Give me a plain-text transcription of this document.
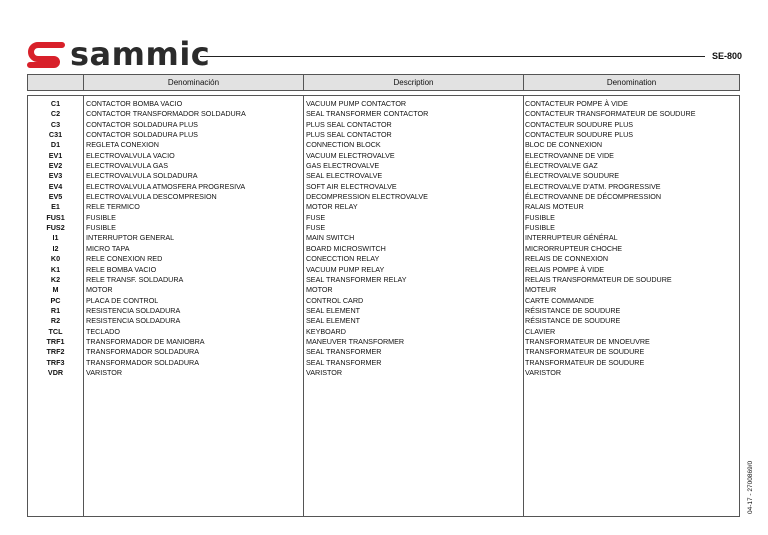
sammic	SE-800
Denominación	Description	Denomination
C1	CONTACTOR BOMBA VACIO	VACUUM PUMP CONTACTOR	CONTACTEUR POMPE À VIDE
C2	CONTACTOR TRANSFORMADOR SOLDADURA	SEAL TRANSFORMER CONTACTOR	CONTACTEUR TRANSFORMATEUR DE SOUDURE
C3	CONTACTOR SOLDADURA PLUS	PLUS SEAL CONTACTOR	CONTACTEUR SOUDURE PLUS
C31	CONTACTOR SOLDADURA PLUS	PLUS SEAL CONTACTOR	CONTACTEUR SOUDURE PLUS
D1	REGLETA CONEXION	CONNECTION BLOCK	BLOC DE CONNEXION
EV1	ELECTROVALVULA VACIO	VACUUM ELECTROVALVE	ELECTROVANNE DE VIDE
EV2	ELECTROVALVULA GAS	GAS ELECTROVALVE	ÉLECTROVALVE GAZ
EV3	ELECTROVALVULA SOLDADURA	SEAL ELECTROVALVE	ÉLECTROVALVE SOUDURE
EV4	ELECTROVALVULA ATMOSFERA PROGRESIVA	SOFT AIR ELECTROVALVE	ELECTROVALVE D'ATM. PROGRESSIVE
EV5	ELECTROVALVULA DESCOMPRESION	DECOMPRESSION ELECTROVALVE	ÉLECTROVANNE DE DÉCOMPRESSION
E1	RELE TERMICO	MOTOR RELAY	RALAIS MOTEUR
FUS1	FUSIBLE	FUSE	FUSIBLE
FUS2	FUSIBLE	FUSE	FUSIBLE
I1	INTERRUPTOR GENERAL	MAIN SWITCH	INTERRUPTEUR GÉNÉRAL
I2	MICRO TAPA	BOARD MICROSWITCH	MICRORRUPTEUR CHOCHE
K0	RELE CONEXION RED	CONECCTION RELAY	RELAIS DE CONNEXION
K1	RELE BOMBA VACIO	VACUUM PUMP RELAY	RELAIS POMPE À VIDE
K2	RELE TRANSF. SOLDADURA	SEAL TRANSFORMER RELAY	RELAIS TRANSFORMATEUR DE SOUDURE
M	MOTOR	MOTOR	MOTEUR
PC	PLACA DE CONTROL	CONTROL CARD	CARTE COMMANDE
R1	RESISTENCIA SOLDADURA	SEAL ELEMENT	RÉSISTANCE DE SOUDURE
R2	RESISTENCIA SOLDADURA	SEAL ELEMENT	RÉSISTANCE DE SOUDURE
TCL	TECLADO	KEYBOARD	CLAVIER
TRF1	TRANSFORMADOR DE MANIOBRA	MANEUVER TRANSFORMER	TRANSFORMATEUR DE MNOEUVRE
TRF2	TRANSFORMADOR SOLDADURA	SEAL TRANSFORMER	TRANSFORMATEUR DE SOUDURE
TRF3	TRANSFORMADOR SOLDADURA	SEAL TRANSFORMER	TRANSFORMATEUR DE SOUDURE
VDR	VARISTOR	VARISTOR	VARISTOR
04-17 - 2700869/0
